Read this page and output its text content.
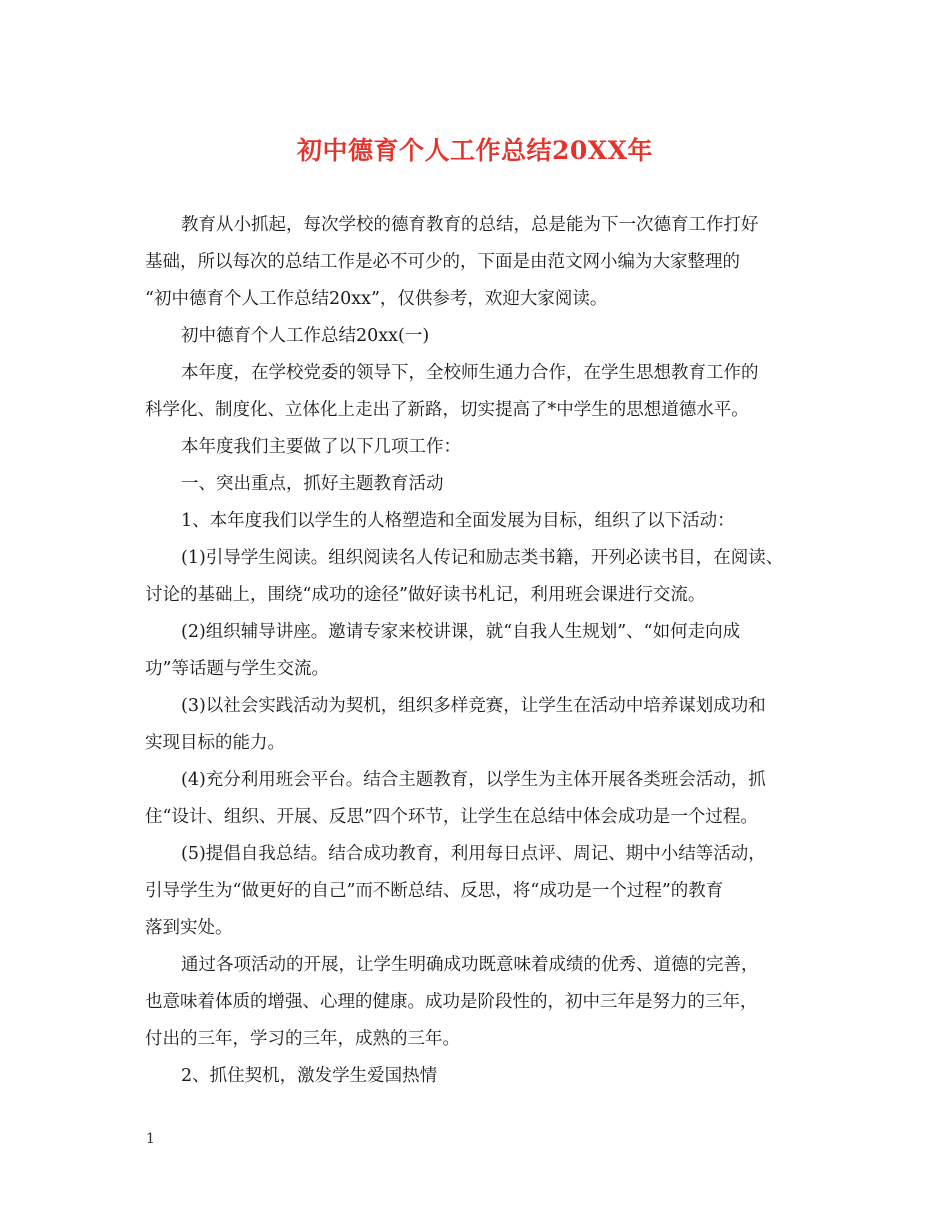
初中德育个人工作总结20XX年

教育从小抓起，每次学校的德育教育的总结，总是能为下一次德育工作打好
基础，所以每次的总结工作是必不可少的，下面是由范文网小编为大家整理的
“初中德育个人工作总结20xx”，仅供参考，欢迎大家阅读。

初中德育个人工作总结20xx(一)

本年度，在学校党委的领导下，全校师生通力合作，在学生思想教育工作的
科学化、制度化、立体化上走出了新路，切实提高了*中学生的思想道德水平。

本年度我们主要做了以下几项工作：

一、突出重点，抓好主题教育活动

1、本年度我们以学生的人格塑造和全面发展为目标，组织了以下活动：

(1)引导学生阅读。组织阅读名人传记和励志类书籍，开列必读书目，在阅读、
讨论的基础上，围绕“成功的途径”做好读书札记，利用班会课进行交流。

(2)组织辅导讲座。邀请专家来校讲课，就“自我人生规划”、“如何走向成
功”等话题与学生交流。

(3)以社会实践活动为契机，组织多样竞赛，让学生在活动中培养谋划成功和
实现目标的能力。

(4)充分利用班会平台。结合主题教育，以学生为主体开展各类班会活动，抓
住“设计、组织、开展、反思”四个环节，让学生在总结中体会成功是一个过程。

(5)提倡自我总结。结合成功教育，利用每日点评、周记、期中小结等活动，
引导学生为“做更好的自己”而不断总结、反思，将“成功是一个过程”的教育
落到实处。

通过各项活动的开展，让学生明确成功既意味着成绩的优秀、道德的完善，
也意味着体质的增强、心理的健康。成功是阶段性的，初中三年是努力的三年，
付出的三年，学习的三年，成熟的三年。

2、抓住契机，激发学生爱国热情

1
